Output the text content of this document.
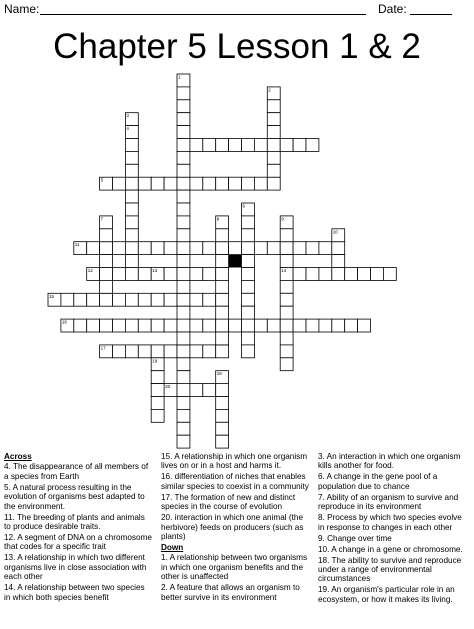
Name:	Date:
Chapter 5 Lesson 1 & 2
1
2
3
4
5
6
7	8	9
10
11
12	13	14
15
16
17
18
19
20
Across

4. The disappearance of all members of a species from Earth

5. A natural process resulting in the evolution of organisms best adapted to the environment.

11. The breeding of plants and animals to produce desirable traits.

12. A segment of DNA on a chromosome that codes for a specific trait

13. A relationship in which two different organisms live in close association with each other

14. A relationship between two species in which both species benefit

15. A relationship in which one organism lives on or in a host and harms it.

16. differentiation of niches that enables similar species to coexist in a community

17. The formation of new and distinct species in the course of evolution

20. interaction in which one animal (the herbivore) feeds on producers (such as plants)

Down

1. A relationship between two organisms in which one organism benefits and the other is unaffected

2. A feature that allows an organism to better survive in its environment

3. An interaction in which one organism kills another for food.

6. A change in the gene pool of a population due to chance

7. Ability of an organism to survive and reproduce in its environment

8. Process by which two species evolve in response to changes in each other

9. Change over time

10. A change in a gene or chromosome.

18. The ability to survive and reproduce under a range of environmental circumstances

19. An organism's particular role in an ecosystem, or how it makes its living.
